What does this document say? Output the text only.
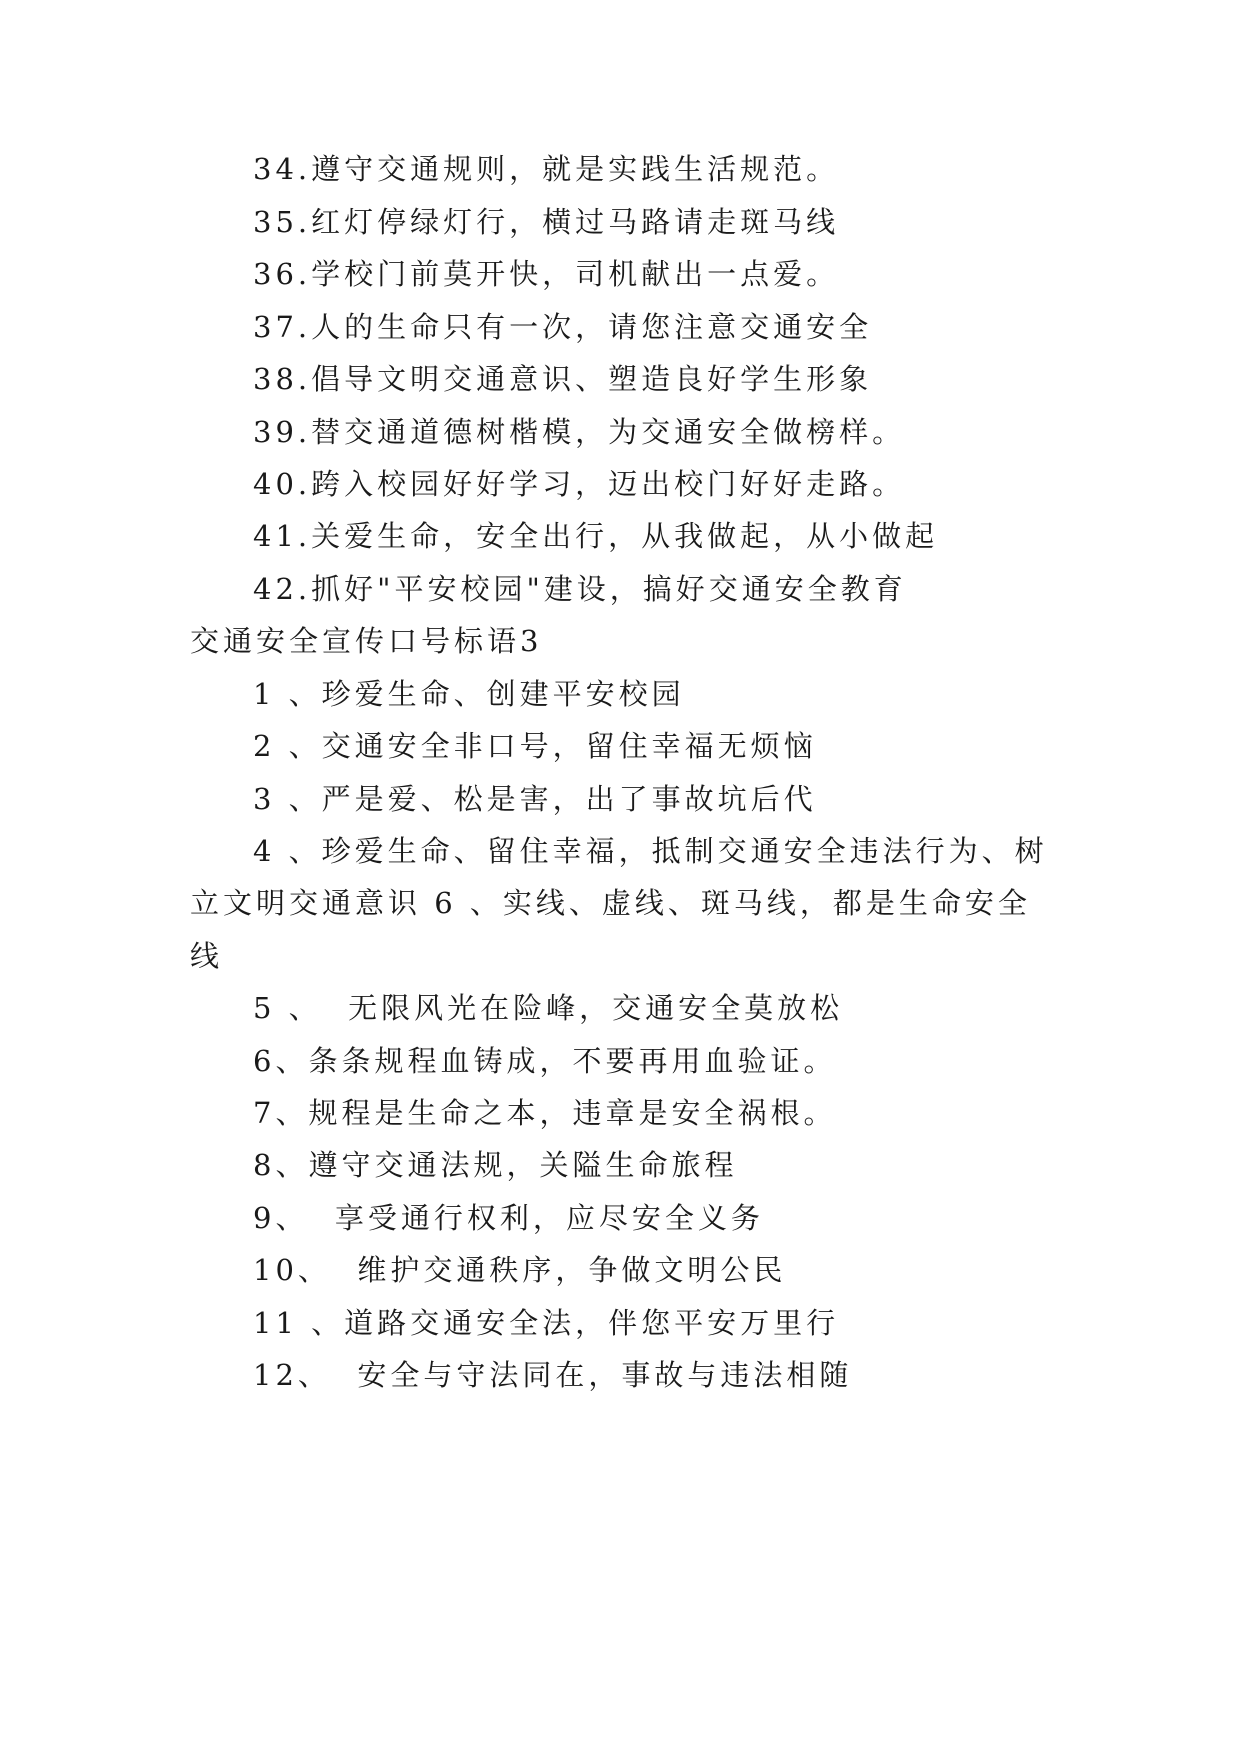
34.遵守交通规则，就是实践生活规范。
35.红灯停绿灯行，横过马路请走斑马线
36.学校门前莫开快，司机献出一点爱。
37.人的生命只有一次，请您注意交通安全
38.倡导文明交通意识、塑造良好学生形象
39.替交通道德树楷模，为交通安全做榜样。
40.跨入校园好好学习，迈出校门好好走路。
41.关爱生命，安全出行，从我做起，从小做起
42.抓好"平安校园"建设，搞好交通安全教育
交通安全宣传口号标语3
1 、珍爱生命、创建平安校园
2 、交通安全非口号，留住幸福无烦恼
3 、严是爱、松是害，出了事故坑后代
4 、珍爱生命、留住幸福，抵制交通安全违法行为、树
立文明交通意识 6 、实线、虚线、斑马线，都是生命安全
线
5 、  无限风光在险峰，交通安全莫放松
6、条条规程血铸成，不要再用血验证。
7、规程是生命之本，违章是安全祸根。
8、遵守交通法规，关隘生命旅程
9、  享受通行权利，应尽安全义务
10、  维护交通秩序，争做文明公民
11 、道路交通安全法，伴您平安万里行
12、  安全与守法同在，事故与违法相随
